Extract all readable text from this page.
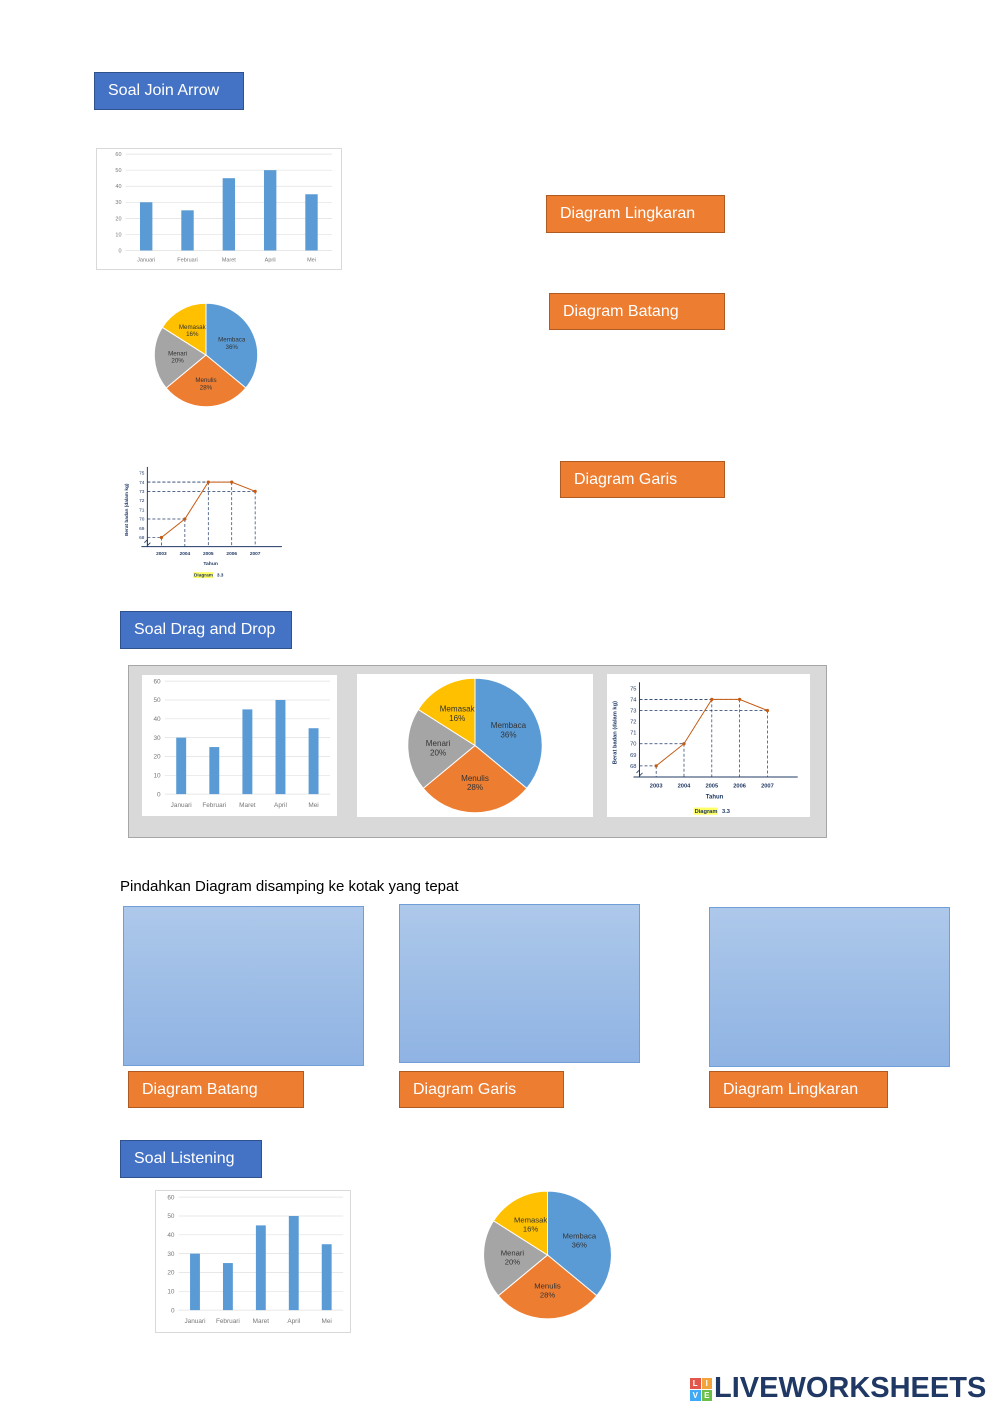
Soal Join Arrow
0
10
20
30
40
50
60
Januari	Februari	Maret	April	Mei
Membaca
36%
Menulis
28%
Menari
20%
Memasak
16%
68
69
70
71
72
73
74
75
2003	2004	2005	2006	2007
Tahun
Berat badan (dalam kg)
Diagram 3.3
Diagram Lingkaran
Diagram Batang
Diagram Garis
Soal Drag and Drop
0
10
20
30
40
50
60
Januari Februari Maret	April	Mei
Membaca
36%
Menulis
28%
Menari
20%
Memasak
16%
68
69
70
71
72
73
74
75
2003	2004	2005	2006	2007
Tahun
Berat badan (dalam kg)
Diagram 3.3
Pindahkan Diagram disamping ke kotak yang tepat
Diagram Batang	Diagram Garis	Diagram Lingkaran
Soal Listening
0
10
20
30
40
50
60
Januari Februari Maret	April	Mei
Membaca
36%
Menulis
28%
Menari
20%
Memasak
16%
L I
V E LIVEWORKSHEETS
